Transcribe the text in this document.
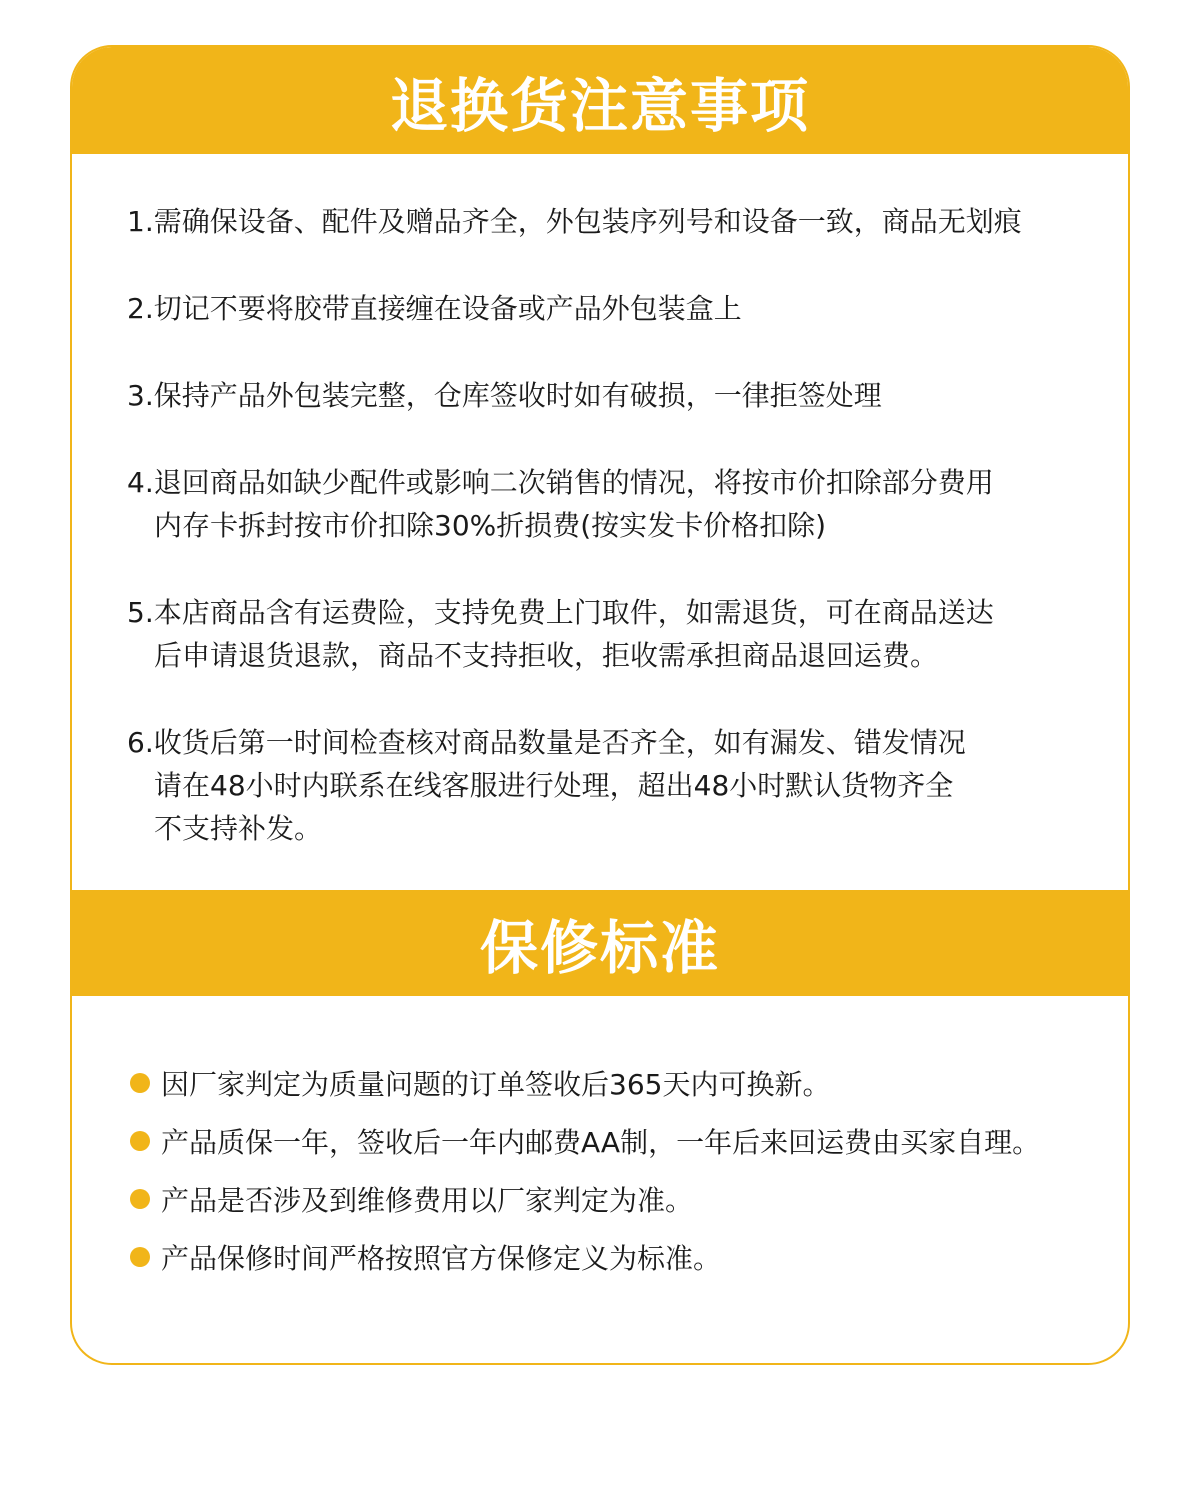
退换货注意事项
1.需确保设备、配件及赠品齐全，外包装序列号和设备一致，商品无划痕
2.切记不要将胶带直接缠在设备或产品外包装盒上
3.保持产品外包装完整，仓库签收时如有破损，一律拒签处理
4.退回商品如缺少配件或影响二次销售的情况，将按市价扣除部分费用
内存卡拆封按市价扣除30%折损费(按实发卡价格扣除)
5.本店商品含有运费险，支持免费上门取件，如需退货，可在商品送达
后申请退货退款，商品不支持拒收，拒收需承担商品退回运费。
6.收货后第一时间检查核对商品数量是否齐全，如有漏发、错发情况
请在48小时内联系在线客服进行处理，超出48小时默认货物齐全
不支持补发。
保修标准
因厂家判定为质量问题的订单签收后365天内可换新。
产品质保一年，签收后一年内邮费AA制，一年后来回运费由买家自理。
产品是否涉及到维修费用以厂家判定为准。
产品保修时间严格按照官方保修定义为标准。
